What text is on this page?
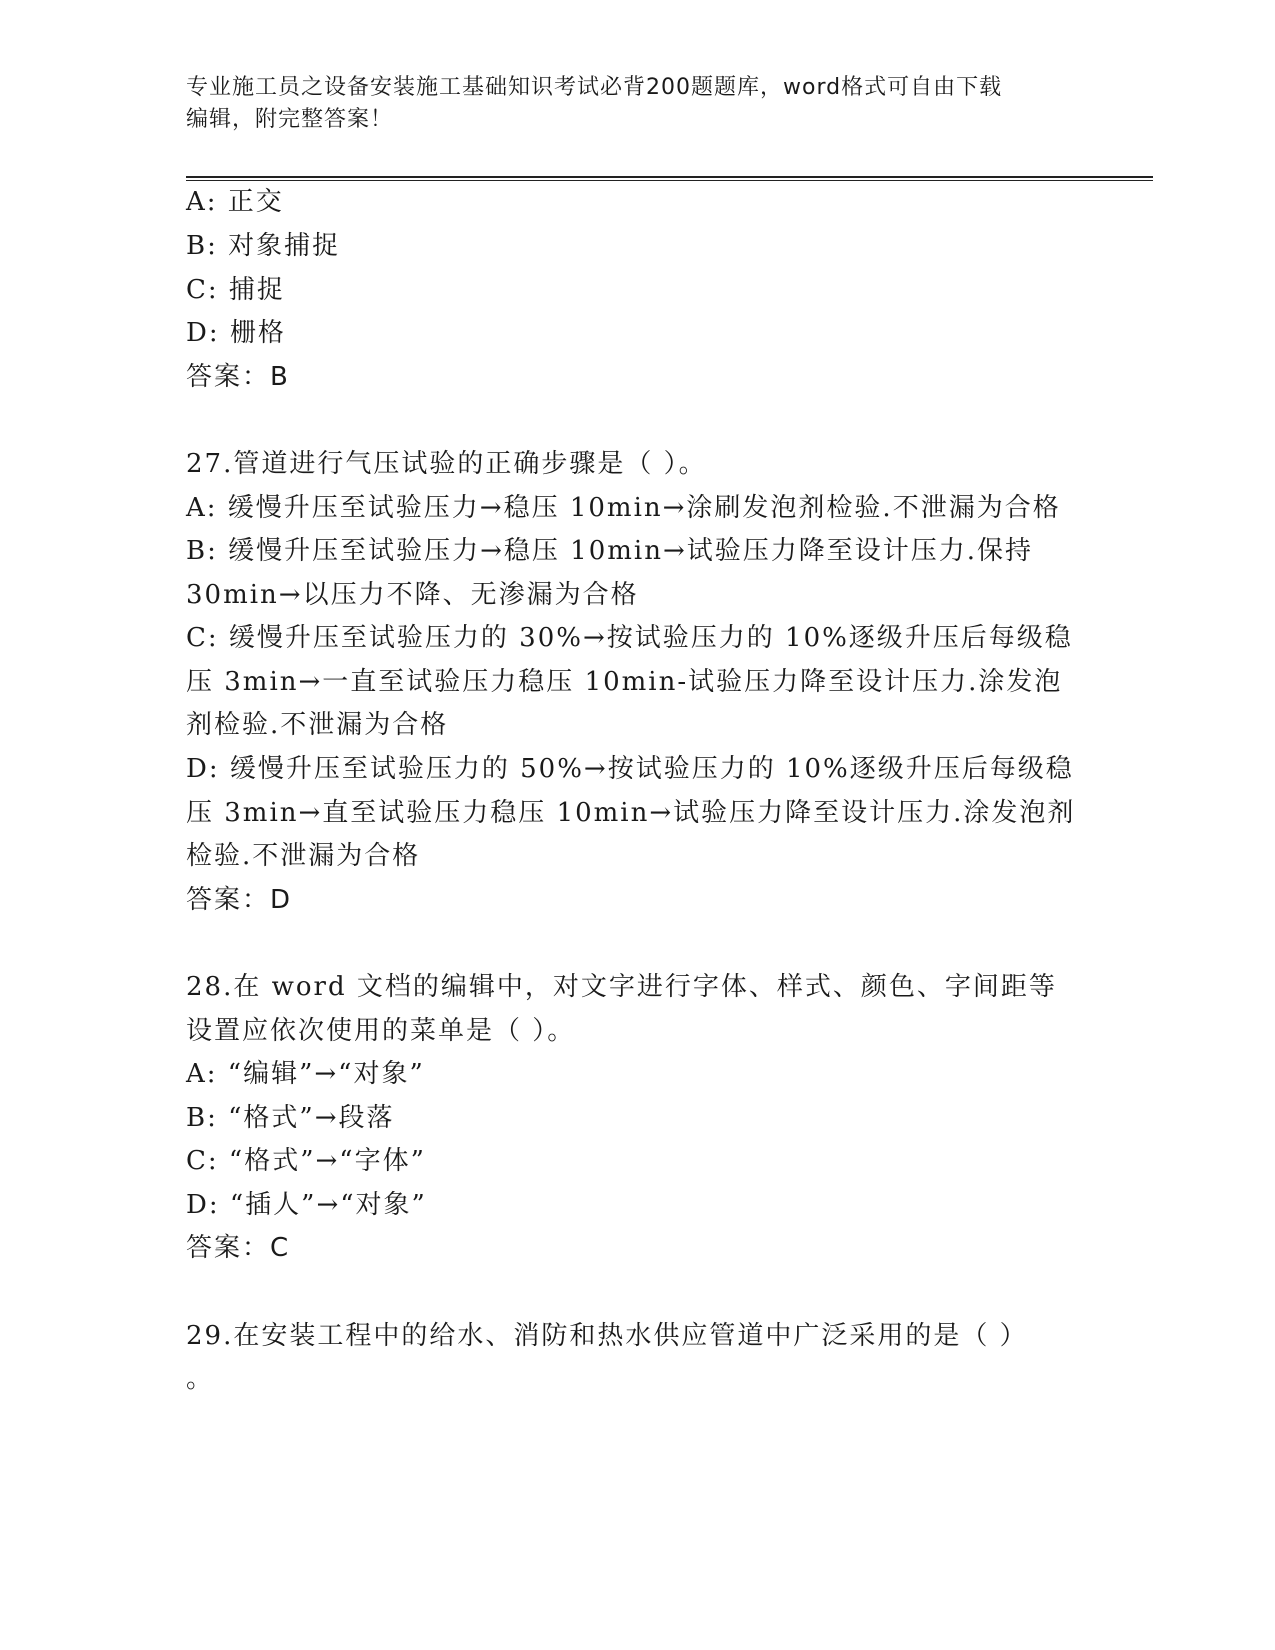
专业施工员之设备安装施工基础知识考试必背200题题库，word格式可自由下载
编辑，附完整答案！
A: 正交
B: 对象捕捉
C: 捕捉
D: 栅格
答案：B
27.管道进行气压试验的正确步骤是（ ）。
A: 缓慢升压至试验压力→稳压 10min→涂刷发泡剂检验.不泄漏为合格
B: 缓慢升压至试验压力→稳压 10min→试验压力降至设计压力.保持
30min→以压力不降、无渗漏为合格
C: 缓慢升压至试验压力的 30%→按试验压力的 10%逐级升压后每级稳
压 3min→一直至试验压力稳压 10min-试验压力降至设计压力.涂发泡
剂检验.不泄漏为合格
D: 缓慢升压至试验压力的 50%→按试验压力的 10%逐级升压后每级稳
压 3min→直至试验压力稳压 10min→试验压力降至设计压力.涂发泡剂
检验.不泄漏为合格
答案：D
28.在 word 文档的编辑中，对文字进行字体、样式、颜色、字间距等
设置应依次使用的菜单是（ ）。
A: “编辑”→“对象”
B: “格式”→段落
C: “格式”→“字体”
D: “插人”→“对象”
答案：C
29.在安装工程中的给水、消防和热水供应管道中广泛采用的是（ ）
。
